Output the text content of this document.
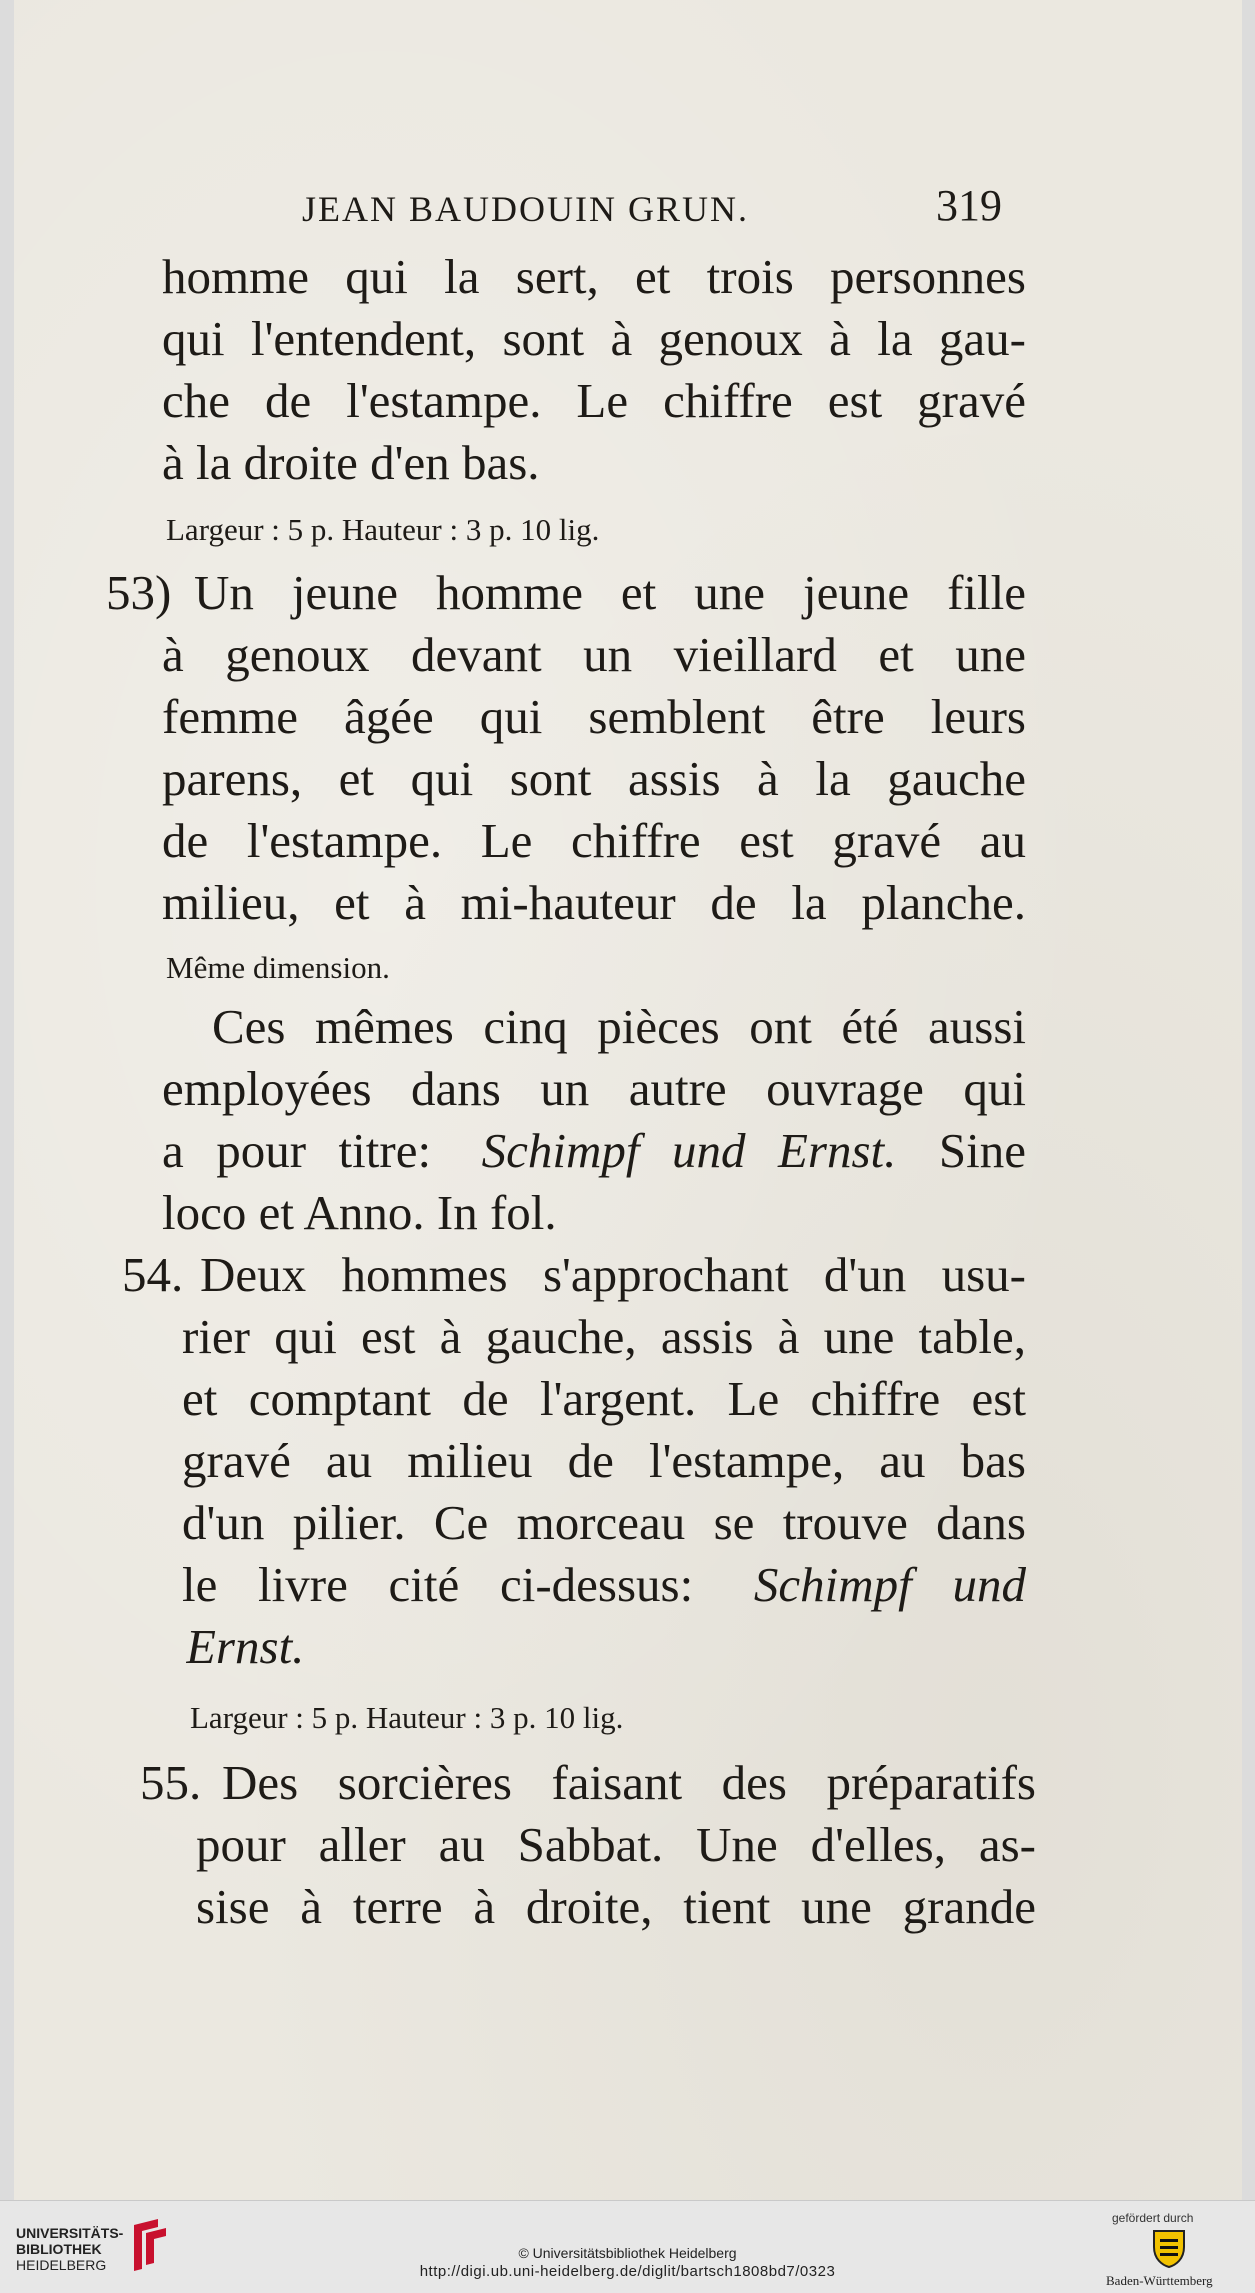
JEAN BAUDOUIN GRUN.	319
homme qui la sert, et trois personnes
qui l'entendent, sont à genoux à la gau-
che de l'estampe. Le chiffre est gravé
à la droite d'en bas.
Largeur : 5 p. Hauteur : 3 p. 10 lig.
53) Un jeune homme et une jeune fille
à genoux devant un vieillard et une
femme âgée qui semblent être leurs
parens, et qui sont assis à la gauche
de l'estampe. Le chiffre est gravé au
milieu, et à mi-hauteur de la planche.
Même dimension.
Ces mêmes cinq pièces ont été aussi
employées dans un autre ouvrage qui
a pour titre: Schimpf und Ernst. Sine
loco et Anno. In fol.
54. Deux hommes s'approchant d'un usu-
rier qui est à gauche, assis à une table,
et comptant de l'argent. Le chiffre est
gravé au milieu de l'estampe, au bas
d'un pilier. Ce morceau se trouve dans
le livre cité ci-dessus: Schimpf und
Ernst.
Largeur : 5 p. Hauteur : 3 p. 10 lig.
55. Des sorcières faisant des préparatifs
pour aller au Sabbat. Une d'elles, as-
sise à terre à droite, tient une grande
UNIVERSITÄTS-
BIBLIOTHEK
HEIDELBERG
© Universitätsbibliothek Heidelberg
http://digi.ub.uni-heidelberg.de/diglit/bartsch1808bd7/0323
gefördert durch
Baden-Württemberg
